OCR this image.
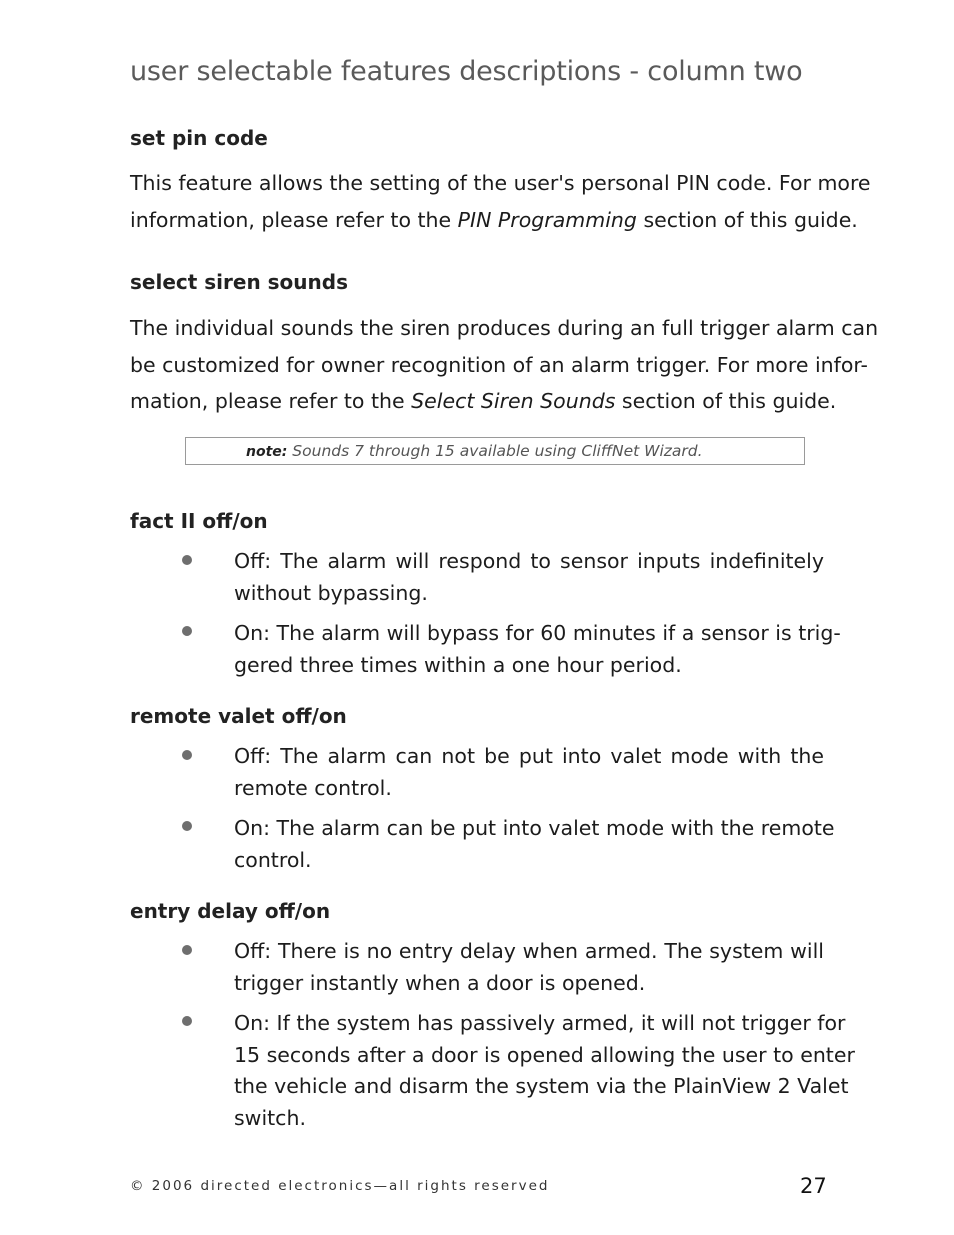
user selectable features descriptions - column two
set pin code
This feature allows the setting of the user's personal PIN code. For more
information, please refer to the PIN Programming section of this guide.
select siren sounds
The individual sounds the siren produces during an full trigger alarm can
be customized for owner recognition of an alarm trigger. For more infor-
mation, please refer to the Select Siren Sounds section of this guide.
note: Sounds 7 through 15 available using CliffNet Wizard.
fact II off/on
Off: The alarm will respond to sensor inputs indefinitely
without bypassing.
On: The alarm will bypass for 60 minutes if a sensor is trig-
gered three times within a one hour period.
remote valet off/on
Off: The alarm can not be put into valet mode with the
remote control.
On: The alarm can be put into valet mode with the remote
control.
entry delay off/on
Off: There is no entry delay when armed. The system will
trigger instantly when a door is opened.
On: If the system has passively armed, it will not trigger for
15 seconds after a door is opened allowing the user to enter
the vehicle and disarm the system via the PlainView 2 Valet
switch.
© 2006 directed electronics—all rights reserved	27
